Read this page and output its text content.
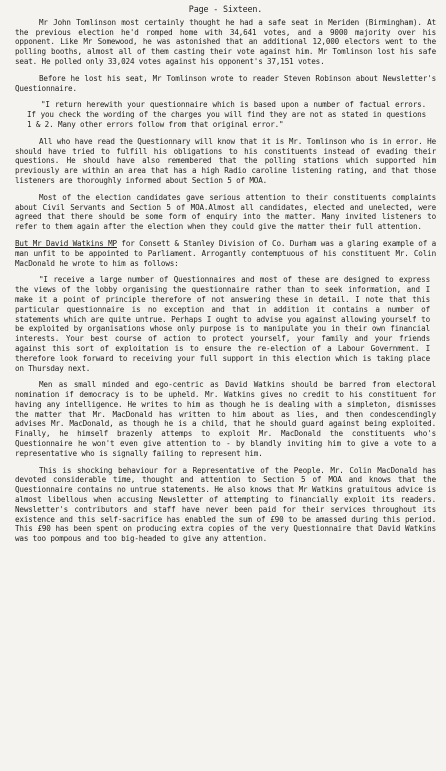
Page - Sixteen.

Mr John Tomlinson most certainly thought he had a safe seat in Meriden (Birmingham). At the previous election he'd romped home with 34,641 votes, and a 9000 majority over his opponent. Like Mr Somewood, he was astonished that an additional 12,000 electors went to the polling booths, almost all of them casting their vote against him. Mr Tomlinson lost his safe seat. He polled only 33,024 votes against his opponent's 37,151 votes.

Before he lost his seat, Mr Tomlinson wrote to reader Steven Robinson about Newsletter's Questionnaire.

"I return herewith your questionnaire which is based upon a number of factual errors. If you check the wording of the charges you will find they are not as stated in questions 1 & 2. Many other errors follow from that original error."

All who have read the Questionnary will know that it is Mr. Tomlinson who is in error. He should have tried to fulfill his obligations to his constituents instead of evading their questions. He should have also remembered that the polling stations which supported him previously are within an area that has a high Radio caroline listening rating, and that those listeners are thoroughly informed about Section 5 of MOA.

Most of the election candidates gave serious attention to their constituents complaints about Civil Servants and Section 5 of MOA.Almost all candidates, elected and unelected, were agreed that there should be some form of enquiry into the matter. Many invited listeners to refer to them again after the election when they could give the matter their full attention.

But Mr David Watkins MP for Consett & Stanley Division of Co. Durham was a glaring example of a man unfit to be appointed to Parliament. Arrogantly contemptuous of his constituent Mr. Colin MacDonald he wrote to him as follows:

"I receive a large number of Questionnaires and most of these are designed to express the views of the lobby organising the questionnaire rather than to seek information, and I make it a point of principle therefore of not answering these in detail. I note that this particular questionnaire is no exception and that in addition it contains a number of statements which are quite untrue. Perhaps I ought to advise you against allowing yourself to be exploited by organisations whose only purpose is to manipulate you in their own financial interests. Your best course of action to protect yourself, your family and your friends against this sort of exploitation is to ensure the re-election of a Labour Government. I therefore look forward to receiving your full support in this election which is taking place on Thursday next.

Men as small minded and ego-centric as David Watkins should be barred from electoral nomination if democracy is to be upheld. Mr. Watkins gives no credit to his constituent for having any intelligence. He writes to him as though he is dealing with a simpleton, dismisses the matter that Mr. MacDonald has written to him about as lies, and then condescendingly advises Mr. MacDonald, as though he is a child, that he should guard against being exploited. Finally, he himself brazenly attemps to exploit Mr. MacDonald the constituents who's Questionnaire he won't even give attention to - by blandly inviting him to give a vote to a representative who is signally failing to represent him.

This is shocking behaviour for a Representative of the People. Mr. Colin MacDonald has devoted considerable time, thought and attention to Section 5 of MOA and knows that the Questionnaire contains no untrue statements. He also knows that Mr Watkins gratuitous advice is almost libellous when accusing Newsletter of attempting to financially exploit its readers. Newsletter's contributors and staff have never been paid for their services throughout its existence and this self-sacrifice has enabled the sum of £90 to be amassed during this period. This £90 has been spent on producing extra copies of the very Questionnaire that David Watkins was too pompous and too big-headed to give any attention.
